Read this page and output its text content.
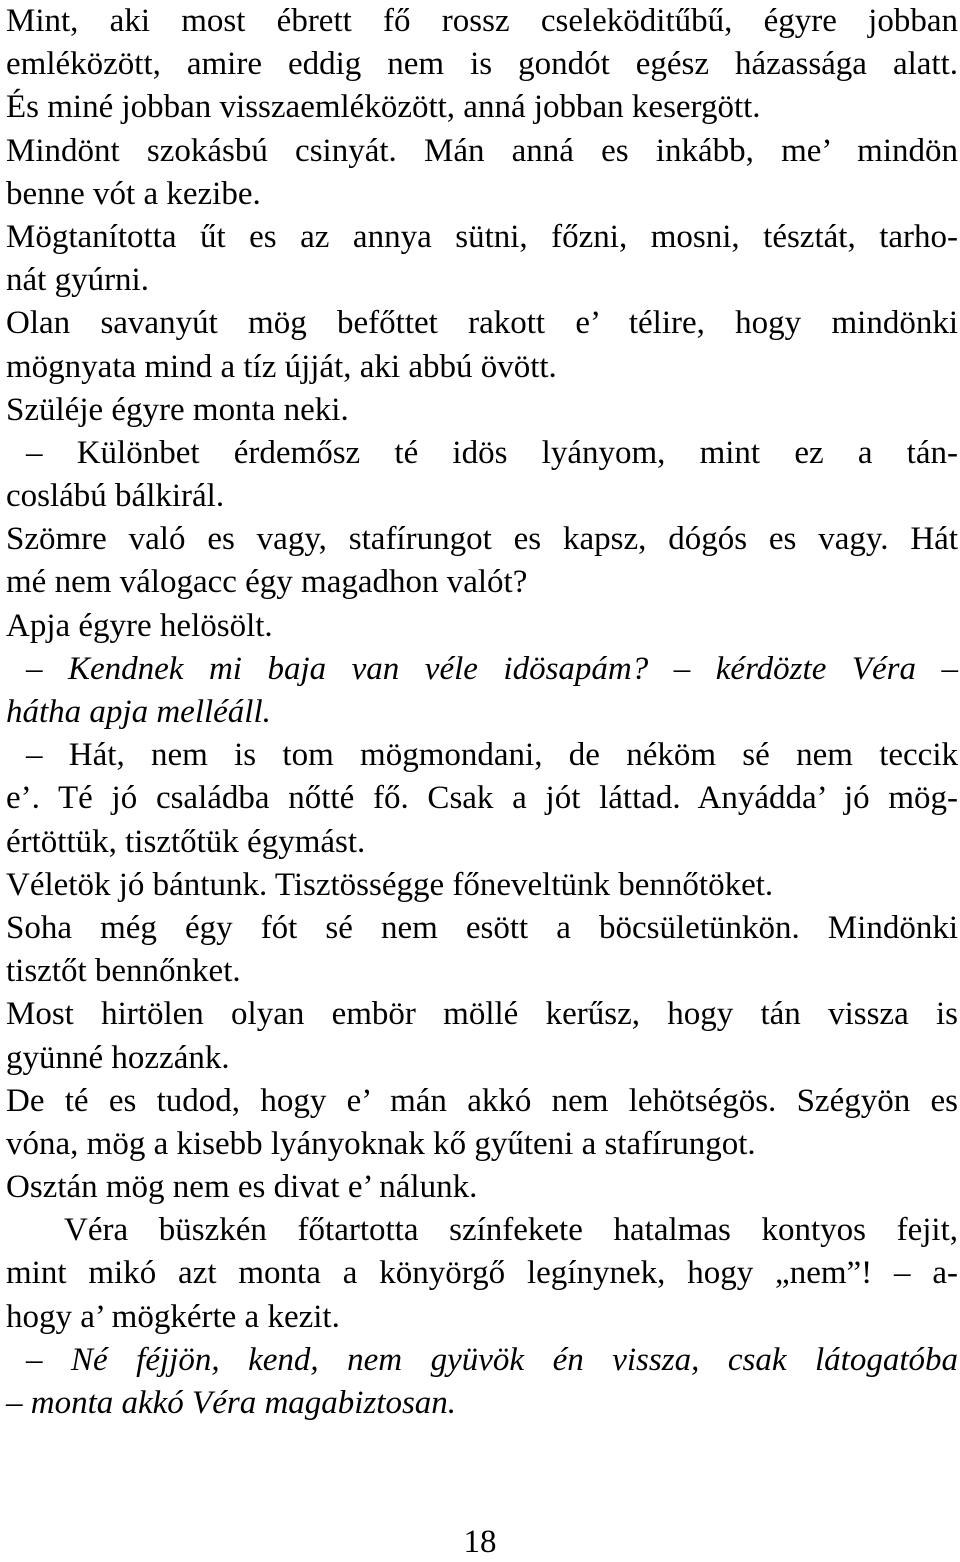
Mint, aki most ébrett fő rossz cseleköditűbű, égyre jobban
emléközött, amire eddig nem is gondót egész házassága alatt.
És miné jobban visszaemléközött, anná jobban kesergött.
Mindönt szokásbú csinyát. Mán anná es inkább, me’ mindön
benne vót a kezibe.
Mögtanította űt es az annya sütni, főzni, mosni, tésztát, tarho-
nát gyúrni.
Olan savanyút mög befőttet rakott e’ télire, hogy mindönki
mögnyata mind a tíz újját, aki abbú övött.
Szüléje égyre monta neki.
– Különbet érdemősz té idös lyányom, mint ez a tán-
coslábú bálkirál.
Szömre való es vagy, stafírungot es kapsz, dógós es vagy. Hát
mé nem válogacc égy magadhon valót?
Apja égyre helösölt.
– Kendnek mi baja van véle idösapám? – kérdözte Véra –
hátha apja melléáll.
– Hát, nem is tom mögmondani, de néköm sé nem teccik
e’. Té jó családba nőtté fő. Csak a jót láttad. Anyádda’ jó mög-
értöttük, tisztőtük égymást.
Véletök jó bántunk. Tisztösségge főneveltünk bennőtöket.
Soha még égy fót sé nem esött a böcsületünkön. Mindönki
tisztőt bennőnket.
Most hirtölen olyan embör möllé kerűsz, hogy tán vissza is
gyünné hozzánk.
De té es tudod, hogy e’ mán akkó nem lehötségös. Szégyön es
vóna, mög a kisebb lyányoknak kő gyűteni a stafírungot.
Osztán mög nem es divat e’ nálunk.
Véra büszkén főtartotta színfekete hatalmas kontyos fejit,
mint mikó azt monta a könyörgő legínynek, hogy „nem”! – a-
hogy a’ mögkérte a kezit.
– Né féjjön, kend, nem gyüvök én vissza, csak látogatóba
– monta akkó Véra magabiztosan.
18
